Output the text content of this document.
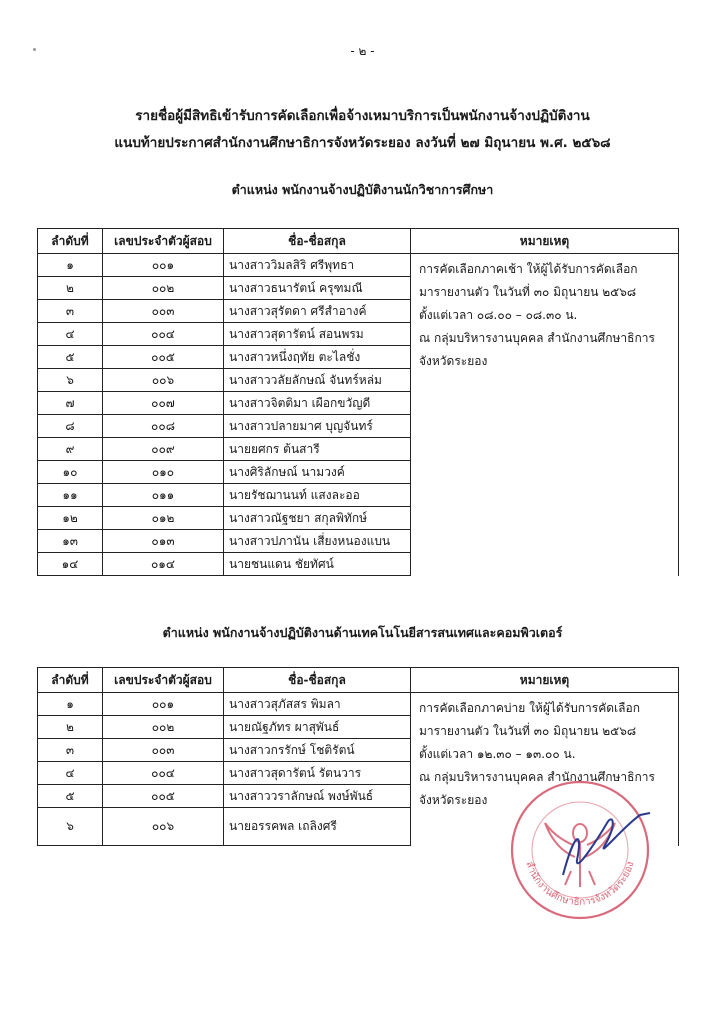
- ๒ -
รายชื่อผู้มีสิทธิเข้ารับการคัดเลือกเพื่อจ้างเหมาบริการเป็นพนักงานจ้างปฏิบัติงาน
แนบท้ายประกาศสำนักงานศึกษาธิการจังหวัดระยอง ลงวันที่ ๒๗ มิถุนายน พ.ศ. ๒๕๖๘
ตำแหน่ง พนักงานจ้างปฏิบัติงานนักวิชาการศึกษา
ลำดับที่	เลขประจำตัวผู้สอบ	ชื่อ-ชื่อสกุล	หมายเหตุ
๑	๐๐๑	นางสาววิมลสิริ ศรีพุทธา	การคัดเลือกภาคเช้า ให้ผู้ได้รับการคัดเลือก
มารายงานตัว ในวันที่ ๓๐ มิถุนายน ๒๕๖๘
ตั้งแต่เวลา ๐๘.๐๐ – ๐๘.๓๐ น.
ณ กลุ่มบริหารงานบุคคล สำนักงานศึกษาธิการ
จังหวัดระยอง

๒	๐๐๒	นางสาวธนารัตน์ ครุฑมณี	
๓	๐๐๓	นางสาวสุรัตดา ศรีสำอางค์	
๔	๐๐๔	นางสาวสุดารัตน์ สอนพรม	
๕	๐๐๕	นางสาวหนึ่งฤทัย ตะไลชั่ง	
๖	๐๐๖	นางสาววลัยลักษณ์ จันทร์หล่ม	
๗	๐๐๗	นางสาวจิตติมา เผือกขวัญดี	
๘	๐๐๘	นางสาวปลายมาศ บุญจันทร์	
๙	๐๐๙	นายยศกร ต้นสารี	
๑๐	๐๑๐	นางศิริลักษณ์ นามวงค์	
๑๑	๐๑๑	นายรัชฌานนท์ แสงละออ	
๑๒	๐๑๒	นางสาวณัฐชยา สกุลพิทักษ์	
๑๓	๐๑๓	นางสาวปภานัน เสี่ยงหนองแบน	
๑๔	๐๑๔	นายชนแดน ชัยทัศน์	
ตำแหน่ง พนักงานจ้างปฏิบัติงานด้านเทคโนโนยีสารสนเทศและคอมพิวเตอร์
ลำดับที่	เลขประจำตัวผู้สอบ	ชื่อ-ชื่อสกุล	หมายเหตุ
๑	๐๐๑	นางสาวสุภัสสร พิมลา	การคัดเลือกภาคบ่าย ให้ผู้ได้รับการคัดเลือก
มารายงานตัว ในวันที่ ๓๐ มิถุนายน ๒๕๖๘
ตั้งแต่เวลา ๑๒.๓๐ – ๑๓.๐๐ น.
ณ กลุ่มบริหารงานบุคคล สำนักงานศึกษาธิการ
จังหวัดระยอง

๒	๐๐๒	นายณัฐภัทร ผาสุพันธ์	
๓	๐๐๓	นางสาวกรรักษ์ โชติรัตน์	
๔	๐๐๔	นางสาวสุดารัตน์ รัตนวาร	
๕	๐๐๕	นางสาววราลักษณ์ พงษ์พันธ์	
๖	๐๐๖	นายอรรคพล เถลิงศรี	
สำนักงานศึกษาธิการจังหวัดระยอง
